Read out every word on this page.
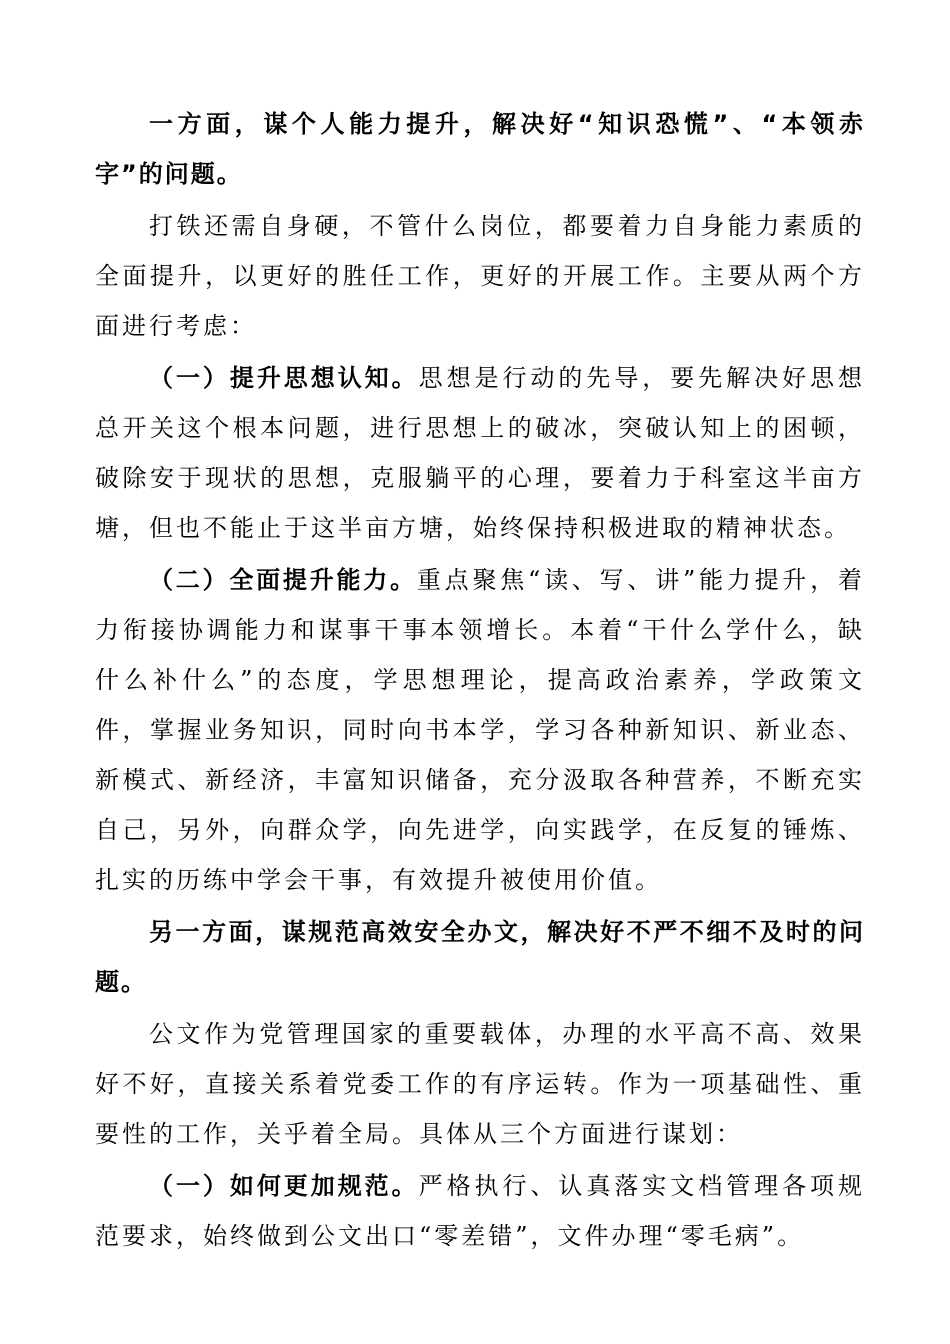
一方面，谋个人能力提升，解决好“知识恐慌”、“本领赤字”的问题。

打铁还需自身硬，不管什么岗位，都要着力自身能力素质的全面提升，以更好的胜任工作，更好的开展工作。主要从两个方面进行考虑：

（一）提升思想认知。思想是行动的先导，要先解决好思想总开关这个根本问题，进行思想上的破冰，突破认知上的困顿，破除安于现状的思想，克服躺平的心理，要着力于科室这半亩方塘，但也不能止于这半亩方塘，始终保持积极进取的精神状态。

（二）全面提升能力。重点聚焦“读、写、讲”能力提升，着力衔接协调能力和谋事干事本领增长。本着“干什么学什么，缺什么补什么”的态度，学思想理论，提高政治素养，学政策文件，掌握业务知识，同时向书本学，学习各种新知识、新业态、新模式、新经济，丰富知识储备，充分汲取各种营养，不断充实自己，另外，向群众学，向先进学，向实践学，在反复的锤炼、扎实的历练中学会干事，有效提升被使用价值。

另一方面，谋规范高效安全办文，解决好不严不细不及时的问题。

公文作为党管理国家的重要载体，办理的水平高不高、效果好不好，直接关系着党委工作的有序运转。作为一项基础性、重要性的工作，关乎着全局。具体从三个方面进行谋划：

（一）如何更加规范。严格执行、认真落实文档管理各项规范要求，始终做到公文出口“零差错”，文件办理“零毛病”。
